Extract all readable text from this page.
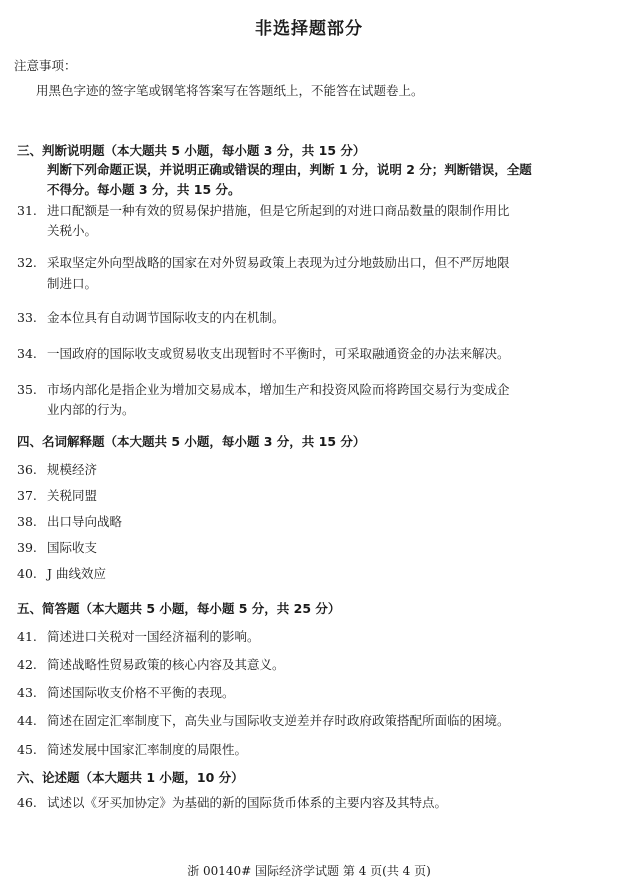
非选择题部分
注意事项：
用黑色字迹的签字笔或钢笔将答案写在答题纸上，不能答在试题卷上。
三、判断说明题（本大题共 5 小题，每小题 3 分，共 15 分）
判断下列命题正误，并说明正确或错误的理由，判断 1 分，说明 2 分；判断错误，全题
不得分。每小题 3 分，共 15 分。
31. 进口配额是一种有效的贸易保护措施，但是它所起到的对进口商品数量的限制作用比
关税小。
32. 采取坚定外向型战略的国家在对外贸易政策上表现为过分地鼓励出口，但不严厉地限
制进口。
33. 金本位具有自动调节国际收支的内在机制。
34. 一国政府的国际收支或贸易收支出现暂时不平衡时，可采取融通资金的办法来解决。
35. 市场内部化是指企业为增加交易成本，增加生产和投资风险而将跨国交易行为变成企
业内部的行为。
四、名词解释题（本大题共 5 小题，每小题 3 分，共 15 分）
36. 规模经济
37. 关税同盟
38. 出口导向战略
39. 国际收支
40. J 曲线效应
五、简答题（本大题共 5 小题，每小题 5 分，共 25 分）
41. 简述进口关税对一国经济福利的影响。
42. 简述战略性贸易政策的核心内容及其意义。
43. 简述国际收支价格不平衡的表现。
44. 简述在固定汇率制度下，高失业与国际收支逆差并存时政府政策搭配所面临的困境。
45. 简述发展中国家汇率制度的局限性。
六、论述题（本大题共 1 小题，10 分）
46. 试述以《牙买加协定》为基础的新的国际货币体系的主要内容及其特点。
浙 00140# 国际经济学试题 第 4 页(共 4 页)
